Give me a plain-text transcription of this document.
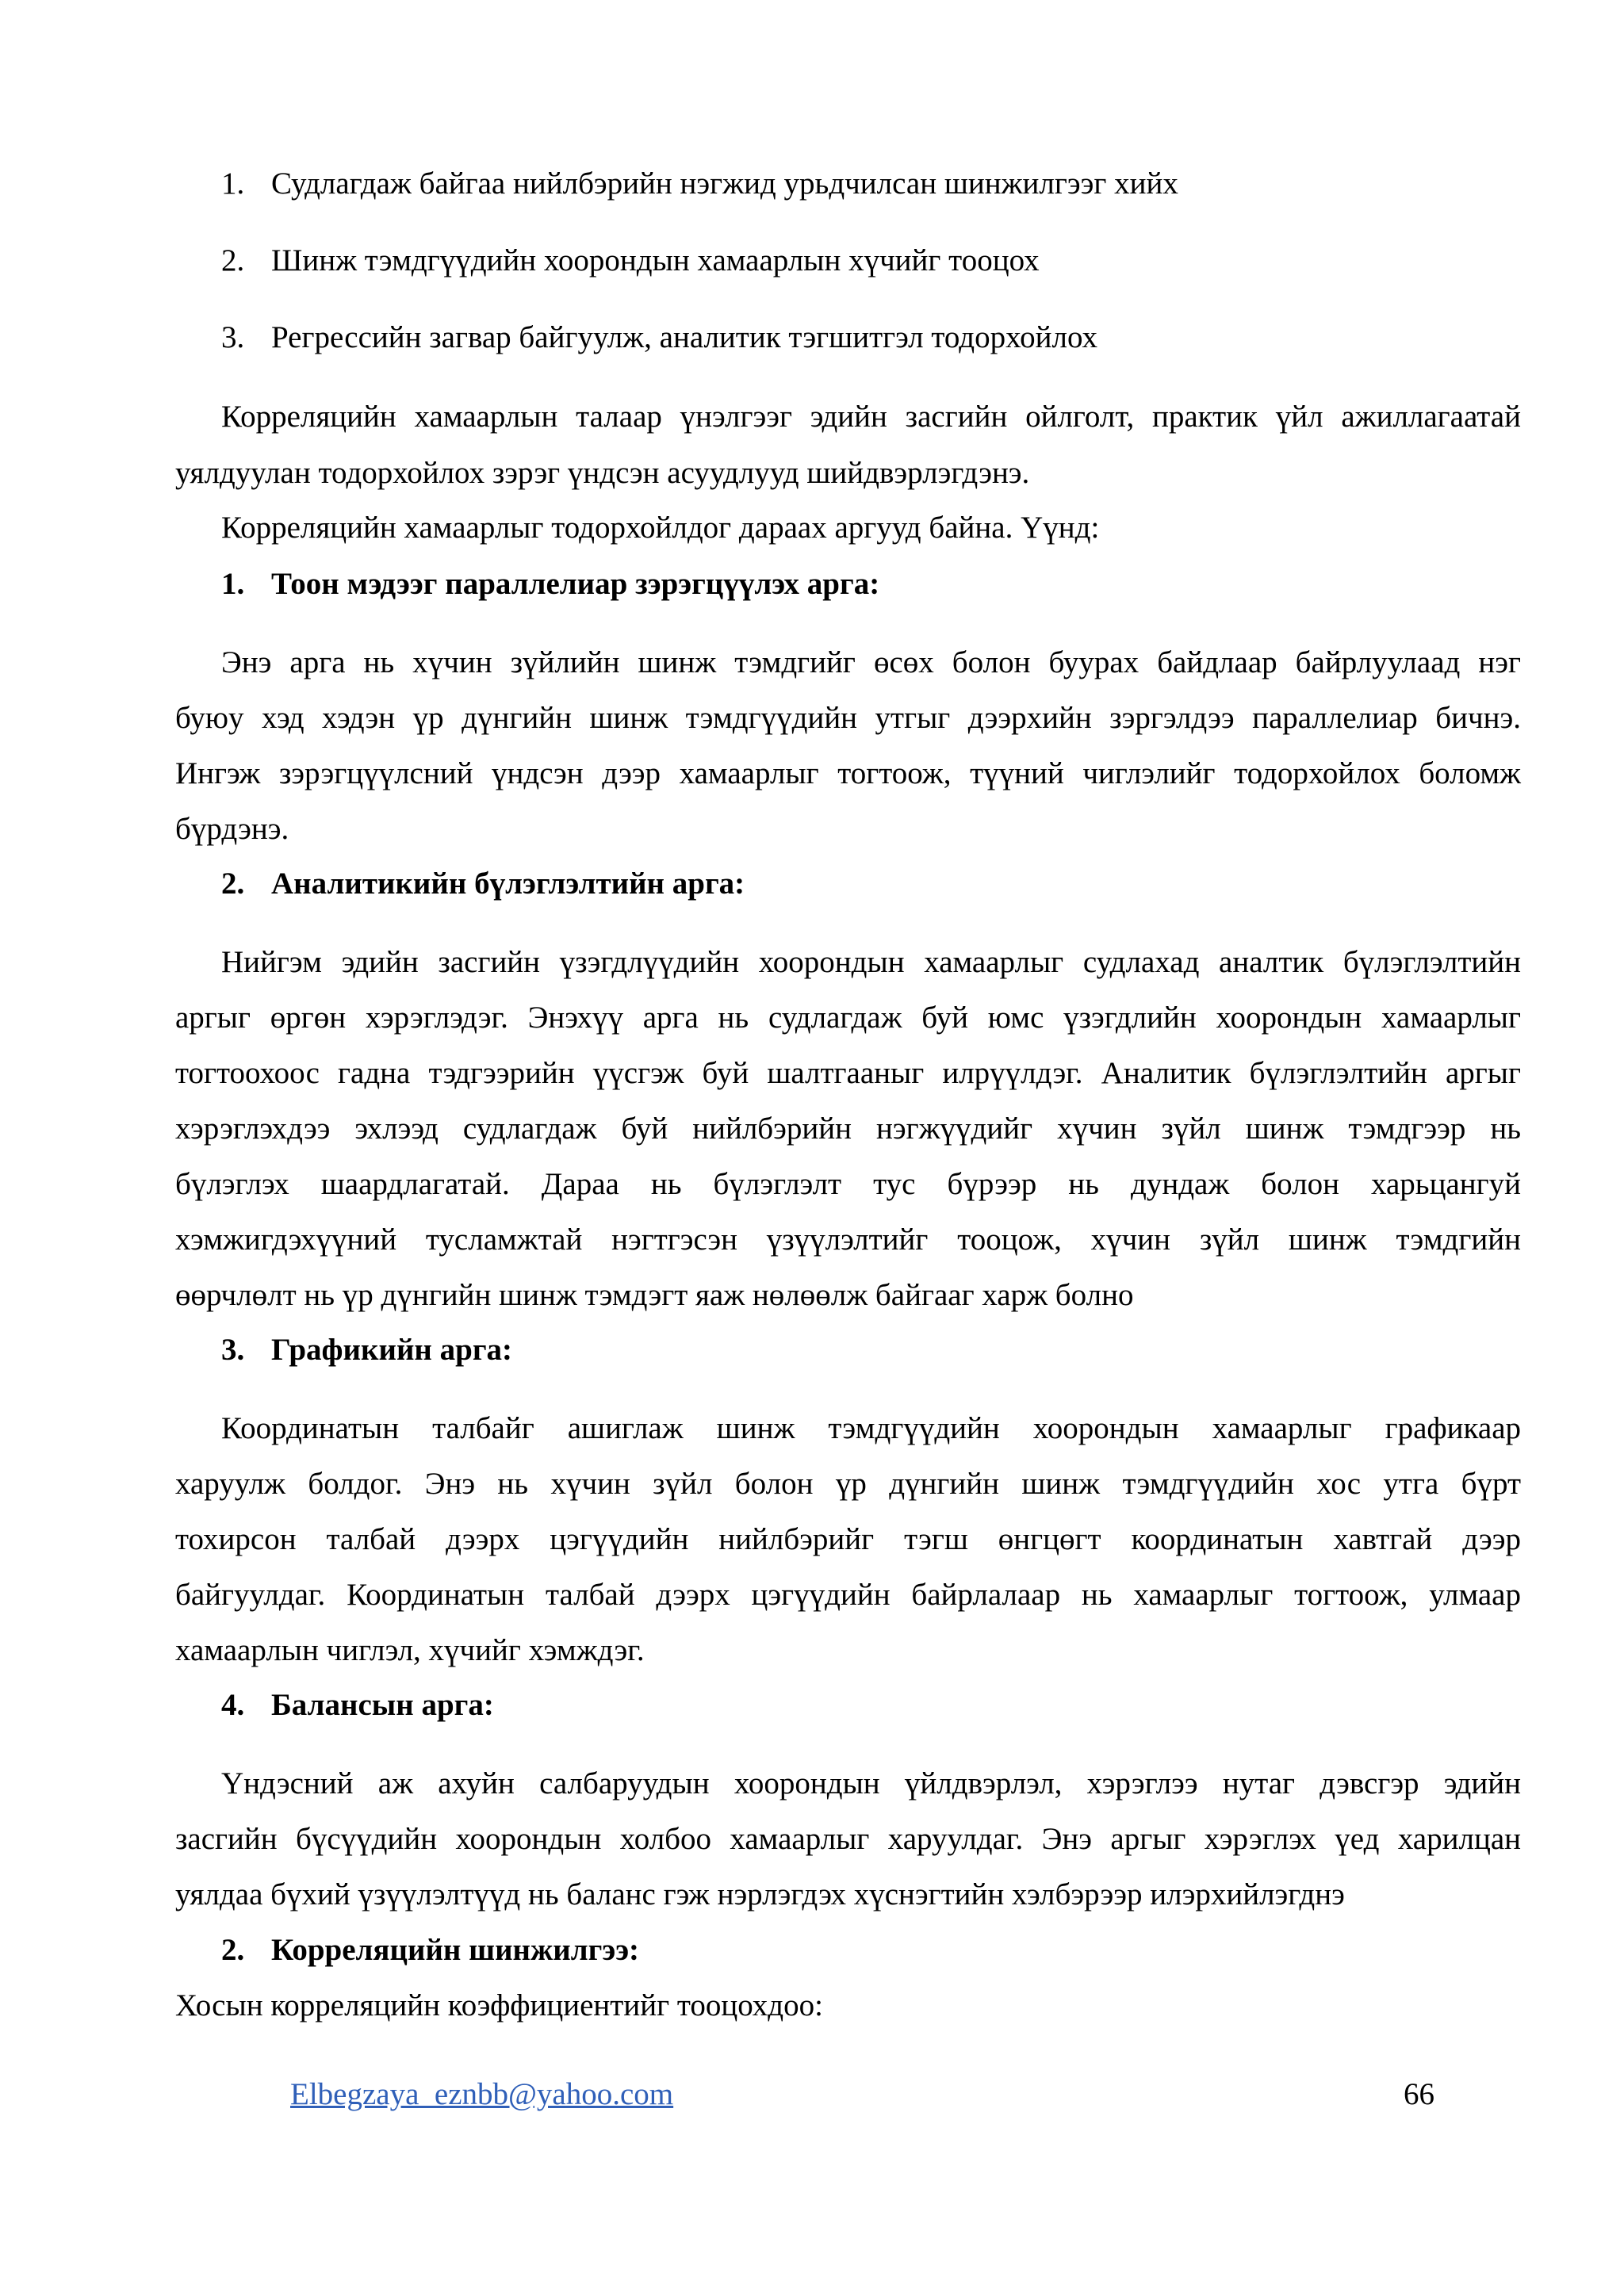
1. Судлагдаж байгаа нийлбэрийн нэгжид урьдчилсан шинжилгээг хийх
2. Шинж тэмдгүүдийн хоорондын хамаарлын хүчийг тооцох
3. Регрессийн загвар байгуулж, аналитик тэгшитгэл тодорхойлох
Корреляцийн хамаарлын талаар үнэлгээг эдийн засгийн ойлголт, практик үйл ажиллагаатай
уялдуулан тодорхойлох зэрэг үндсэн асуудлууд шийдвэрлэгдэнэ.
Корреляцийн хамаарлыг тодорхойлдог дараах аргууд байна. Үүнд:
1. Тоон мэдээг параллелиар зэрэгцүүлэх арга:
Энэ арга нь хүчин зүйлийн шинж тэмдгийг өсөх болон буурах байдлаар байрлуулаад нэг
буюу хэд хэдэн үр дүнгийн шинж тэмдгүүдийн утгыг дээрхийн зэргэлдээ параллелиар бичнэ.
Ингэж зэрэгцүүлсний үндсэн дээр хамаарлыг тогтоож, түүний чиглэлийг тодорхойлох боломж
бүрдэнэ.
2. Аналитикийн бүлэглэлтийн арга:
Нийгэм эдийн засгийн үзэгдлүүдийн хоорондын хамаарлыг судлахад аналтик бүлэглэлтийн
аргыг өргөн хэрэглэдэг. Энэхүү арга нь судлагдаж буй юмс үзэгдлийн хоорондын хамаарлыг
тогтоохоос гадна тэдгээрийн үүсгэж буй шалтгааныг илрүүлдэг. Аналитик бүлэглэлтийн аргыг
хэрэглэхдээ эхлээд судлагдаж буй нийлбэрийн нэгжүүдийг хүчин зүйл шинж тэмдгээр нь
бүлэглэх шаардлагатай. Дараа нь бүлэглэлт тус бүрээр нь дундаж болон харьцангуй
хэмжигдэхүүний тусламжтай нэгтгэсэн үзүүлэлтийг тооцож, хүчин зүйл шинж тэмдгийн
өөрчлөлт нь үр дүнгийн шинж тэмдэгт яаж нөлөөлж байгааг харж болно
3. Графикийн арга:
Координатын талбайг ашиглаж шинж тэмдгүүдийн хоорондын хамаарлыг графикаар
харуулж болдог. Энэ нь хүчин зүйл болон үр дүнгийн шинж тэмдгүүдийн хос утга бүрт
тохирсон талбай дээрх цэгүүдийн нийлбэрийг тэгш өнгцөгт координатын хавтгай дээр
байгуулдаг. Координатын талбай дээрх цэгүүдийн байрлалаар нь хамаарлыг тогтоож, улмаар
хамаарлын чиглэл, хүчийг хэмждэг.
4. Балансын арга:
Үндэсний аж ахуйн салбаруудын хоорондын үйлдвэрлэл, хэрэглээ нутаг дэвсгэр эдийн
засгийн бүсүүдийн хоорондын холбоо хамаарлыг харуулдаг. Энэ аргыг хэрэглэх үед харилцан
уялдаа бүхий үзүүлэлтүүд нь баланс гэж нэрлэгдэх хүснэгтийн хэлбэрээр илэрхийлэгднэ
2. Корреляцийн шинжилгээ:
Хосын корреляцийн коэффициентийг тооцохдоо:
Elbegzaya_eznbb@yahoo.com	66
